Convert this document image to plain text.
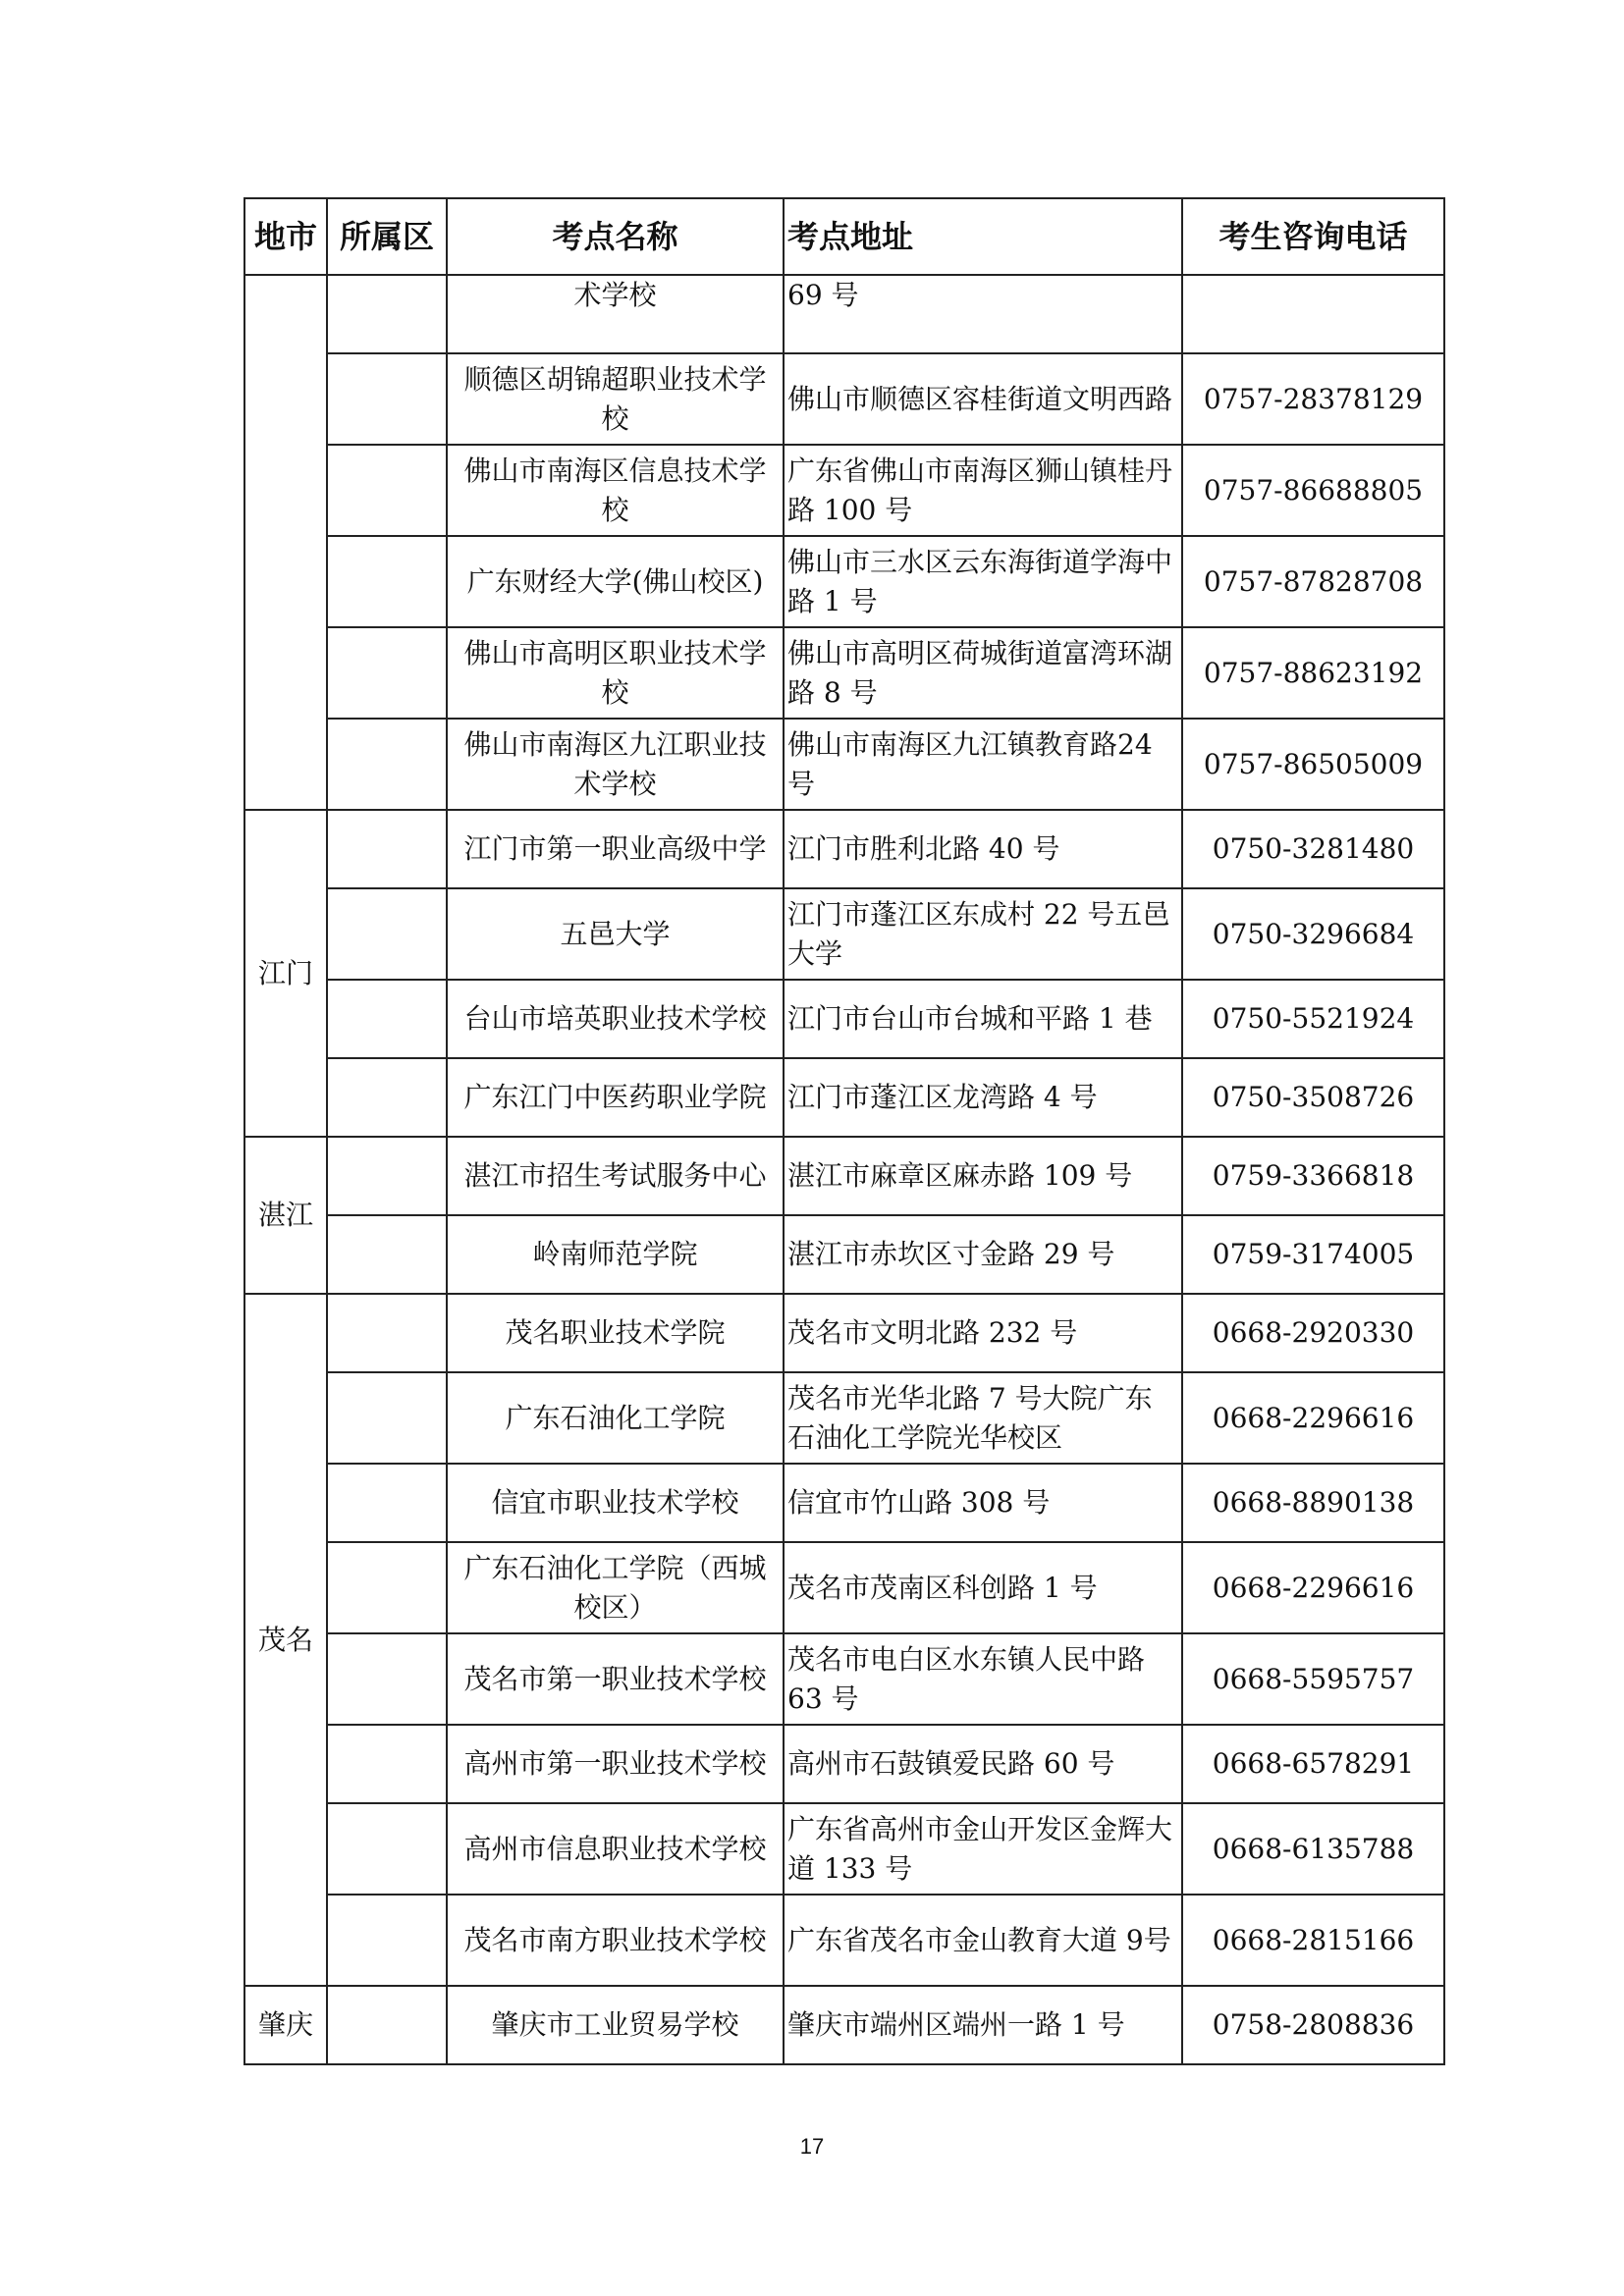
地市	所属区	考点名称	考点地址	考生咨询电话
		术学校	69 号	
		顺德区胡锦超职业技术学校	佛山市顺德区容桂街道文明西路	0757-28378129
		佛山市南海区信息技术学校	广东省佛山市南海区狮山镇桂丹路 100 号	0757-86688805
		广东财经大学(佛山校区)	佛山市三水区云东海街道学海中路 1 号	0757-87828708
		佛山市高明区职业技术学校	佛山市高明区荷城街道富湾环湖路 8 号	0757-88623192
		佛山市南海区九江职业技术学校	佛山市南海区九江镇教育路24 号	0757-86505009
江门		江门市第一职业高级中学	江门市胜利北路 40 号	0750-3281480
		五邑大学	江门市蓬江区东成村 22 号五邑大学	0750-3296684
		台山市培英职业技术学校	江门市台山市台城和平路 1 巷	0750-5521924
		广东江门中医药职业学院	江门市蓬江区龙湾路 4 号	0750-3508726
湛江		湛江市招生考试服务中心	湛江市麻章区麻赤路 109 号	0759-3366818
		岭南师范学院	湛江市赤坎区寸金路 29 号	0759-3174005
茂名		茂名职业技术学院	茂名市文明北路 232 号	0668-2920330
		广东石油化工学院	茂名市光华北路 7 号大院广东石油化工学院光华校区	0668-2296616
		信宜市职业技术学校	信宜市竹山路 308 号	0668-8890138
		广东石油化工学院（西城校区）	茂名市茂南区科创路 1 号	0668-2296616
		茂名市第一职业技术学校	茂名市电白区水东镇人民中路63 号	0668-5595757
		高州市第一职业技术学校	高州市石鼓镇爱民路 60 号	0668-6578291
		高州市信息职业技术学校	广东省高州市金山开发区金辉大道 133 号	0668-6135788
		茂名市南方职业技术学校	广东省茂名市金山教育大道 9号	0668-2815166
肇庆		肇庆市工业贸易学校	肇庆市端州区端州一路 1 号	0758-2808836
17
